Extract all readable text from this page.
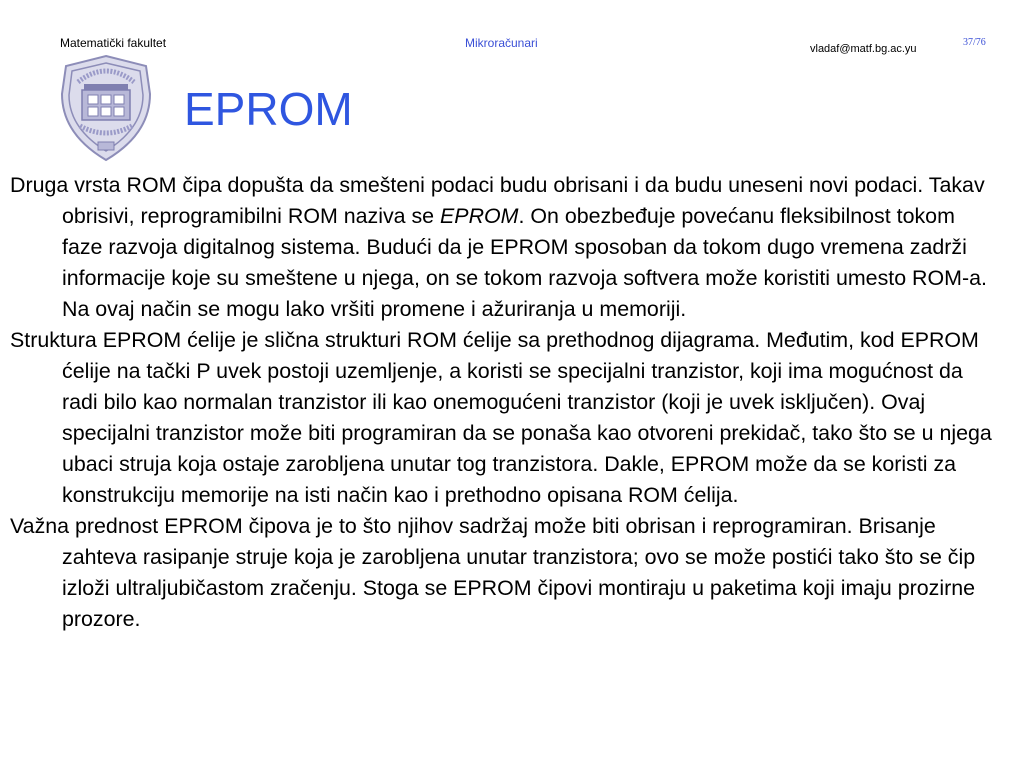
Matematički fakultet	Mikroračunari	vladaf@matf.bg.ac.yu
37/76
EPROM
Druga vrsta ROM čipa dopušta da smešteni podaci budu obrisani i da budu uneseni novi podaci. Takav obrisivi, reprogramibilni ROM naziva se EPROM. On obezbeđuje povećanu fleksibilnost tokom faze razvoja digitalnog sistema. Budući da je EPROM sposoban da tokom dugo vremena zadrži informacije koje su smeštene u njega, on se tokom razvoja softvera može koristiti umesto ROM-a. Na ovaj način se mogu lako vršiti promene i ažuriranja u memoriji.
Struktura EPROM ćelije je slična strukturi ROM ćelije sa prethodnog dijagrama. Međutim, kod EPROM ćelije na tački P uvek postoji uzemljenje, a koristi se specijalni tranzistor, koji ima mogućnost da radi bilo kao normalan tranzistor ili kao onemogućeni tranzistor (koji je uvek isključen). Ovaj specijalni tranzistor može biti programiran da se ponaša kao otvoreni prekidač, tako što se u njega ubaci struja koja ostaje zarobljena unutar tog tranzistora. Dakle, EPROM može da se koristi za konstrukciju memorije na isti način kao i prethodno opisana ROM ćelija.
Važna prednost EPROM čipova je to što njihov sadržaj može biti obrisan i reprogramiran. Brisanje zahteva rasipanje struje koja je zarobljena unutar tranzistora; ovo se može postići tako što se čip izloži ultraljubičastom zračenju. Stoga se EPROM čipovi montiraju u paketima koji imaju prozirne prozore.
